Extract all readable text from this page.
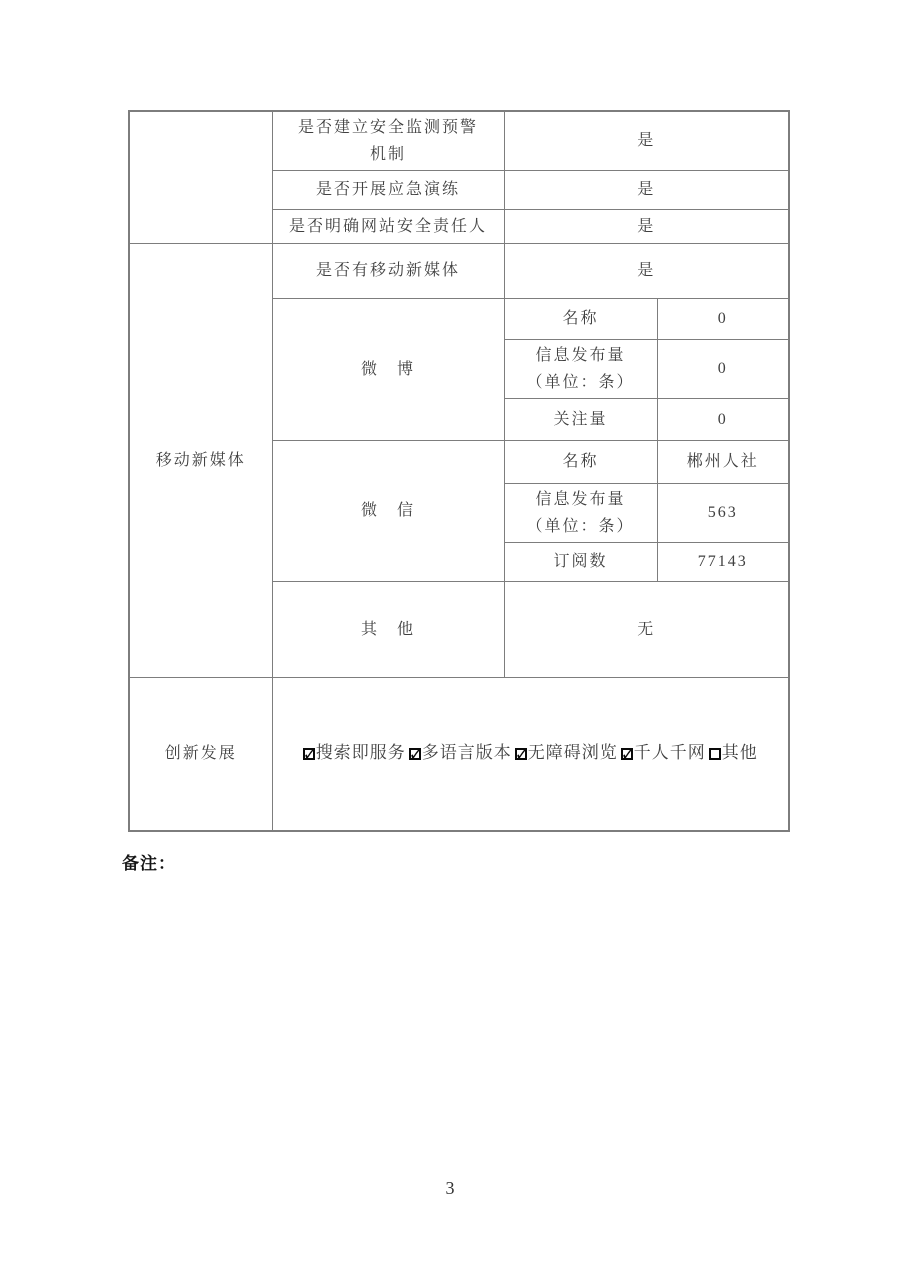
	是否建立安全监测预警
机制	是	
	是否开展应急演练	是	
	是否明确网站安全责任人	是	
移动新媒体	是否有移动新媒体	是	
	微　博	名称	0

		信息发布量
（单位：条）	0
		关注量	0
	微　信	名称	郴州人社

		信息发布量
（单位：条）	563
		订阅数	77143
	其　他	无	
创新发展	✓搜索即服务 ✓ 多语言版本 ✓ 无障碍浏览 ✓ 千人千网 其他
备注：
3
